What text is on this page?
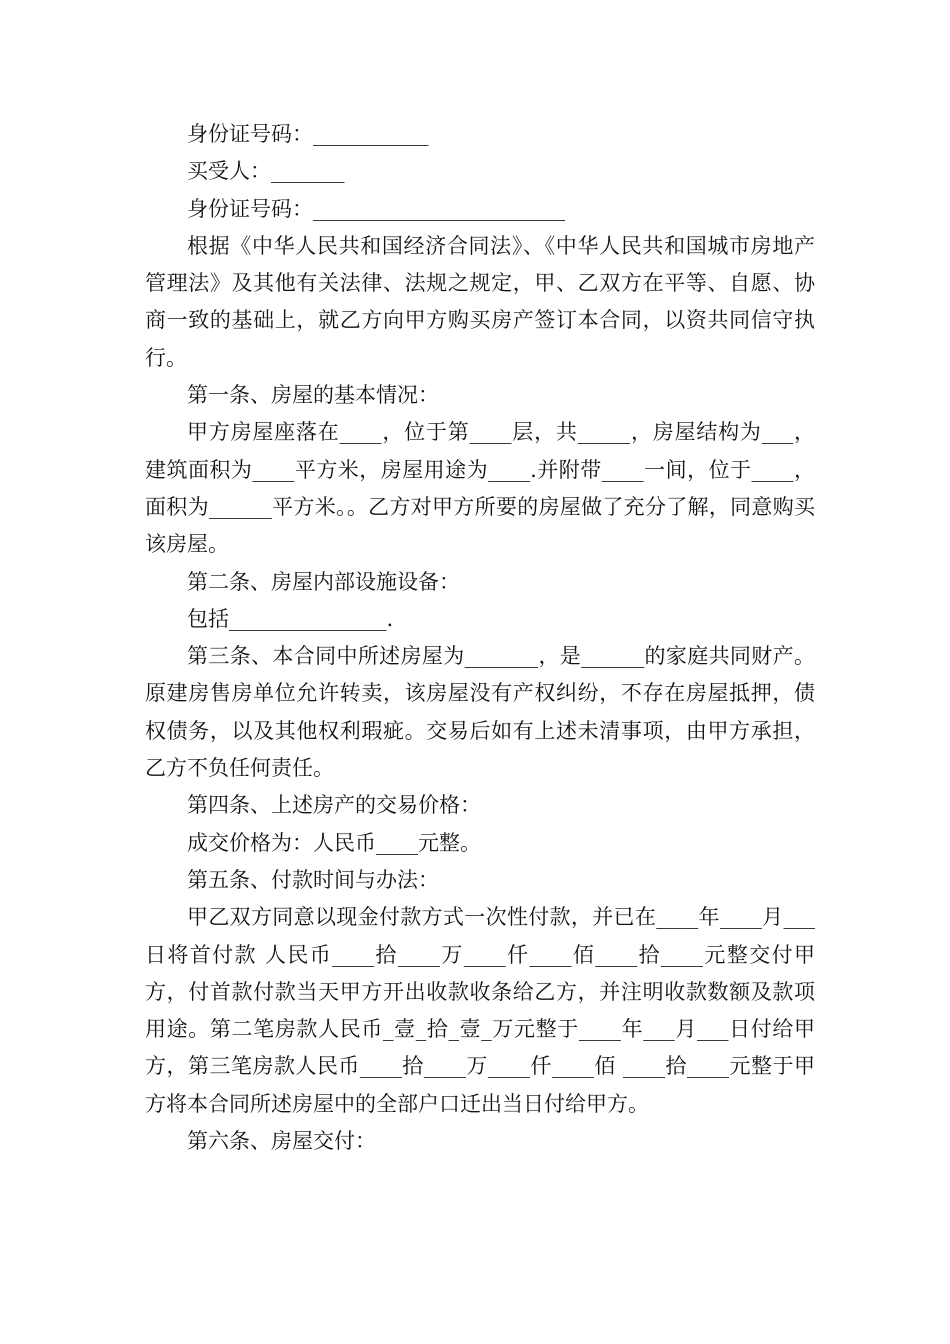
身份证号码：___________

买受人：_______

身份证号码：________________________

根据《中华人民共和国经济合同法》、《中华人民共和国城市房地产管理法》及其他有关法律、法规之规定，甲、乙双方在平等、自愿、协商一致的基础上，就乙方向甲方购买房产签订本合同，以资共同信守执行。

第一条、房屋的基本情况：

甲方房屋座落在____，位于第____层，共_____，房屋结构为___，建筑面积为____平方米，房屋用途为____.并附带____一间，位于____，面积为______平方米。。乙方对甲方所要的房屋做了充分了解，同意购买该房屋。

第二条、房屋内部设施设备：

包括_______________.

第三条、本合同中所述房屋为_______，是______的家庭共同财产。原建房售房单位允许转卖，该房屋没有产权纠纷，不存在房屋抵押，债权债务，以及其他权利瑕疵。交易后如有上述未清事项，由甲方承担，乙方不负任何责任。

第四条、上述房产的交易价格：

成交价格为：人民币____元整。

第五条、付款时间与办法：

甲乙双方同意以现金付款方式一次性付款，并已在____年____月___日将首付款 人民币____拾____万____仟____佰____拾____元整交付甲方，付首款付款当天甲方开出收款收条给乙方，并注明收款数额及款项用途。第二笔房款人民币_壹_拾_壹_万元整于____年___月___日付给甲方，第三笔房款人民币____拾____万____仟____佰 ____拾____元整于甲方将本合同所述房屋中的全部户口迁出当日付给甲方。

第六条、房屋交付：
